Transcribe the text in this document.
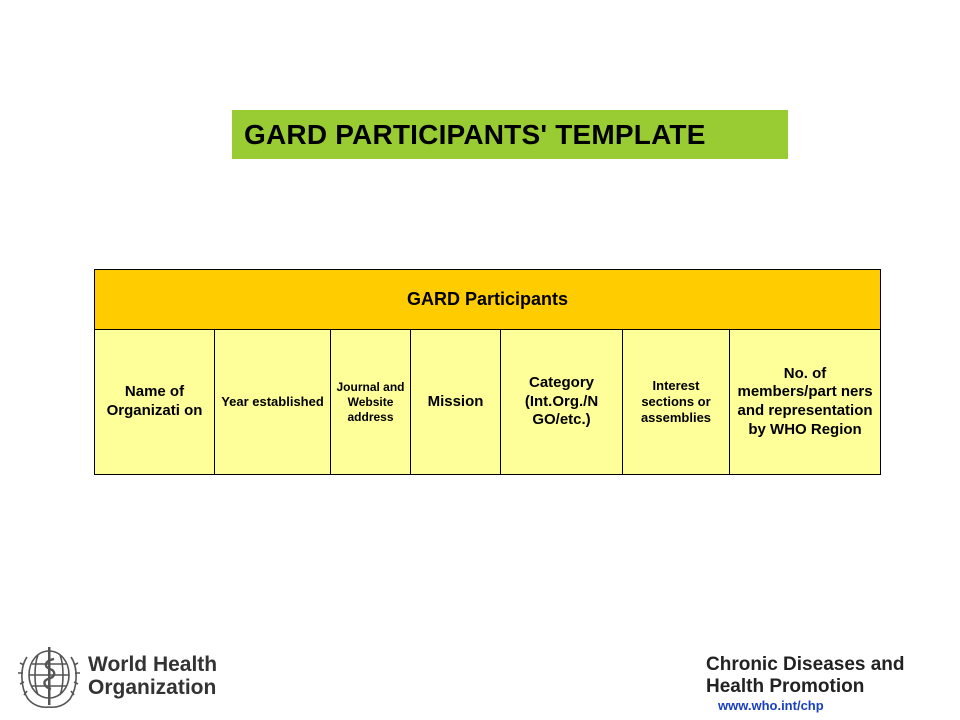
GARD PARTICIPANTS' TEMPLATE
GARD Participants
Name of Organizati on	Year established	Journal and Website address	Mission	Category (Int.Org./N GO/etc.)	Interest sections or assemblies	No. of members/part ners and representation by WHO Region
World Health
Organization
Chronic Diseases and
Health Promotion
www.who.int/chp
